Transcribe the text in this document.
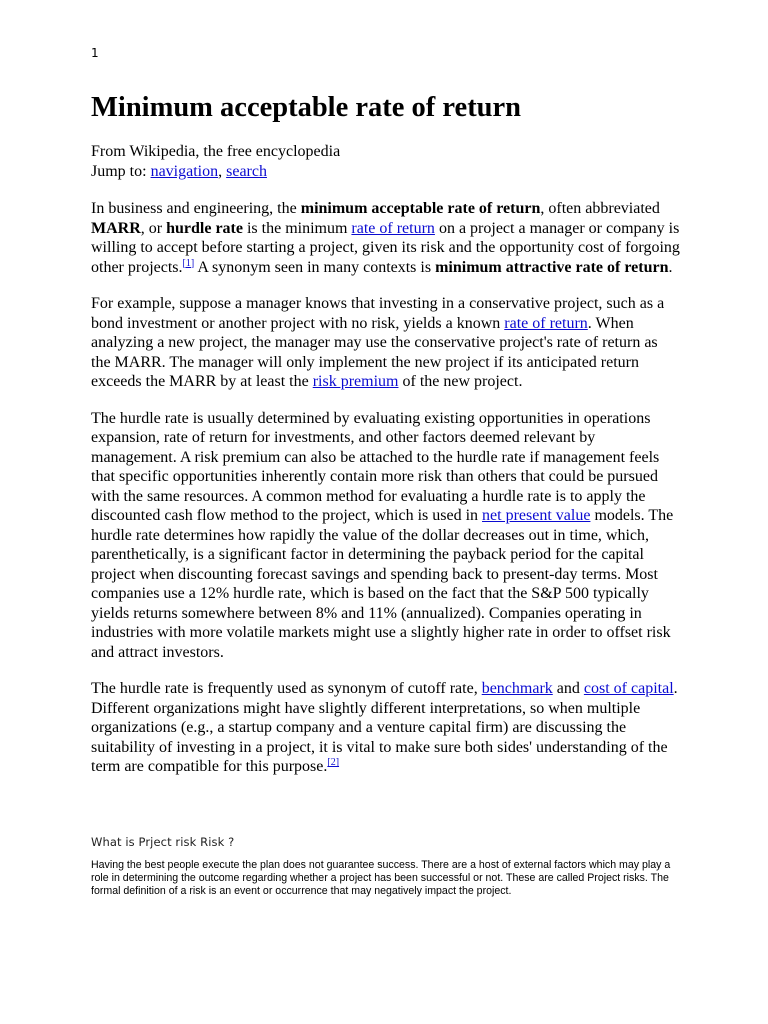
1
Minimum acceptable rate of return

From Wikipedia, the free encyclopedia
Jump to: navigation, search

In business and engineering, the minimum acceptable rate of return, often abbreviated MARR, or hurdle rate is the minimum rate of return on a project a manager or company is willing to accept before starting a project, given its risk and the opportunity cost of forgoing other projects.[1] A synonym seen in many contexts is minimum attractive rate of return.

For example, suppose a manager knows that investing in a conservative project, such as a bond investment or another project with no risk, yields a known rate of return. When analyzing a new project, the manager may use the conservative project's rate of return as the MARR. The manager will only implement the new project if its anticipated return exceeds the MARR by at least the risk premium of the new project.

The hurdle rate is usually determined by evaluating existing opportunities in operations expansion, rate of return for investments, and other factors deemed relevant by management. A risk premium can also be attached to the hurdle rate if management feels that specific opportunities inherently contain more risk than others that could be pursued with the same resources. A common method for evaluating a hurdle rate is to apply the discounted cash flow method to the project, which is used in net present value models. The hurdle rate determines how rapidly the value of the dollar decreases out in time, which, parenthetically, is a significant factor in determining the payback period for the capital project when discounting forecast savings and spending back to present-day terms. Most companies use a 12% hurdle rate, which is based on the fact that the S&P 500 typically yields returns somewhere between 8% and 11% (annualized). Companies operating in industries with more volatile markets might use a slightly higher rate in order to offset risk and attract investors.

The hurdle rate is frequently used as synonym of cutoff rate, benchmark and cost of capital. Different organizations might have slightly different interpretations, so when multiple organizations (e.g., a startup company and a venture capital firm) are discussing the suitability of investing in a project, it is vital to make sure both sides' understanding of the term are compatible for this purpose.[2]

What is Prject risk Risk ?
Having the best people execute the plan does not guarantee success. There are a host of external factors which may play a role in determining the outcome regarding whether a project has been successful or not. These are called Project risks. The formal definition of a risk is an event or occurrence that may negatively impact the project.
